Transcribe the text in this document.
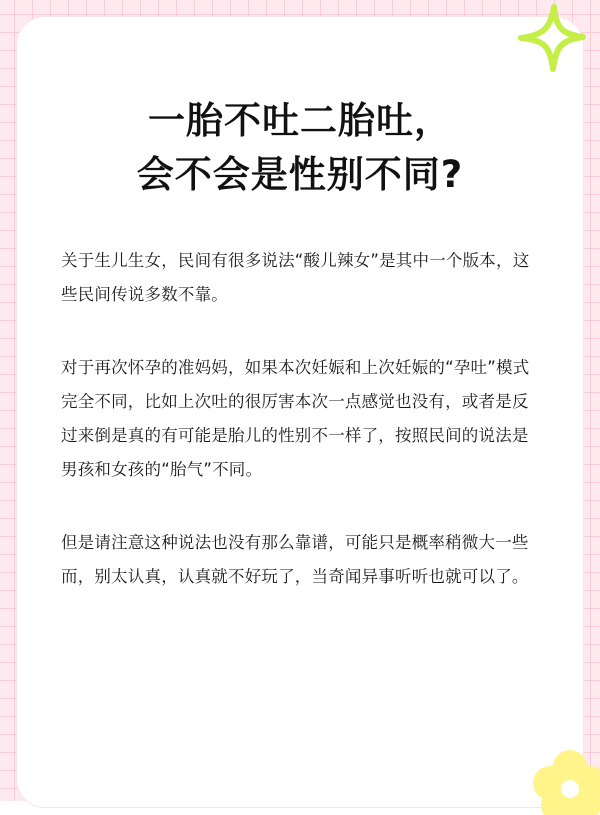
一胎不吐二胎吐，
会不会是性别不同?

关于生儿生女，民间有很多说法“酸儿辣女”是其中一个版本，这些民间传说多数不靠。

对于再次怀孕的准妈妈，如果本次妊娠和上次妊娠的“孕吐”模式完全不同，比如上次吐的很厉害本次一点感觉也没有，或者是反过来倒是真的有可能是胎儿的性别不一样了，按照民间的说法是男孩和女孩的“胎气”不同。

但是请注意这种说法也没有那么靠谱，可能只是概率稍微大一些而，别太认真，认真就不好玩了，当奇闻异事听听也就可以了。
